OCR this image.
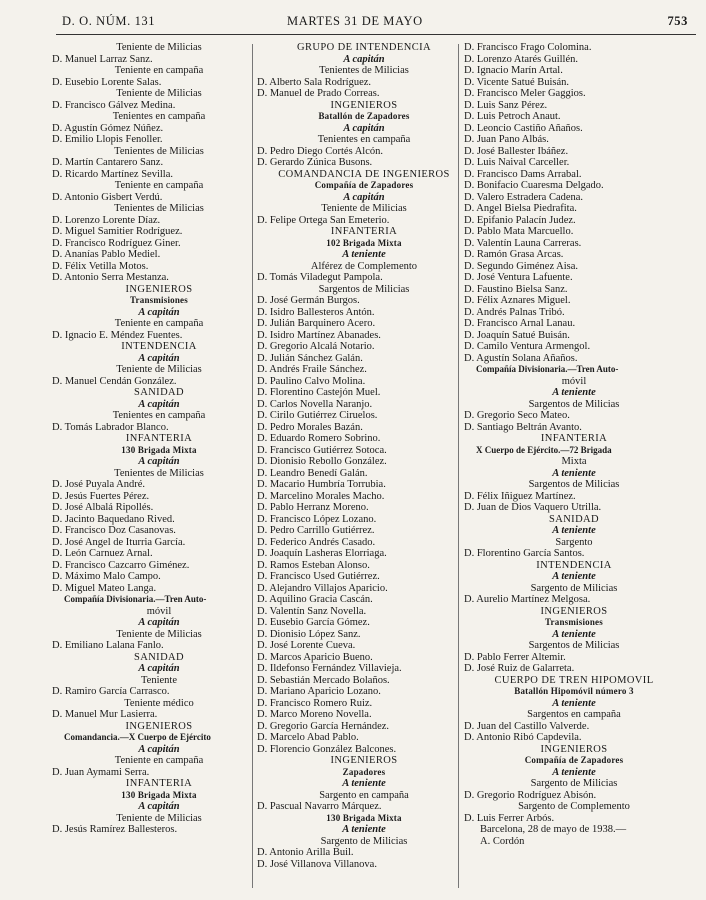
D. O. NÚM. 131	MARTES 31 DE MAYO	753
Teniente de Milicias
D. Manuel Larraz Sanz.
Teniente en campaña
D. Eusebio Lorente Salas.
Teniente de Milicias
D. Francisco Gálvez Medina.
Tenientes en campaña
D. Agustín Gómez Núñez.
D. Emilio Llopis Fenoller.
Tenientes de Milicias
D. Martín Cantarero Sanz.
D. Ricardo Martínez Sevilla.
Teniente en campaña
D. Antonio Gisbert Verdú.
Tenientes de Milicias
D. Lorenzo Lorente Díaz.
D. Miguel Samitier Rodríguez.
D. Francisco Rodríguez Giner.
D. Ananías Pablo Mediel.
D. Félix Vetilla Motos.
D. Antonio Serra Mestanza.
INGENIEROS
Transmisiones
A capitán
Teniente en campaña
D. Ignacio E. Méndez Fuentes.
INTENDENCIA
A capitán
Teniente de Milicias
D. Manuel Cendán González.
SANIDAD
A capitán
Tenientes en campaña
D. Tomás Labrador Blanco.
INFANTERIA
130 Brigada Mixta
A capitán
Tenientes de Milicias
D. José Puyala André.
D. Jesús Fuertes Pérez.
D. José Albalá Ripollés.
D. Jacinto Baquedano Rived.
D. Francisco Doz Casanovas.
D. José Angel de Iturria García.
D. León Carnuez Arnal.
D. Francisco Cazcarro Giménez.
D. Máximo Malo Campo.
D. Miguel Mateo Langa.
Compañía Divisionaria.—Tren Auto-
móvil
A capitán
Teniente de Milicias
D. Emiliano Lalana Fanlo.
SANIDAD
A capitán
Teniente
D. Ramiro García Carrasco.
Teniente médico
D. Manuel Mur Lasierra.
INGENIEROS
Comandancia.—X Cuerpo de Ejército
A capitán
Teniente en campaña
D. Juan Aymami Serra.
INFANTERIA
130 Brigada Mixta
A capitán
Teniente de Milicias
D. Jesús Ramírez Ballesteros.
GRUPO DE INTENDENCIA
A capitán
Tenientes de Milicias
D. Alberto Sala Rodríguez.
D. Manuel de Prado Correas.
INGENIEROS
Batallón de Zapadores
A capitán
Tenientes en campaña
D. Pedro Diego Cortés Alcón.
D. Gerardo Zúnica Busons.
COMANDANCIA DE INGENIEROS
Compañía de Zapadores
A capitán
Teniente de Milicias
D. Felipe Ortega San Emeterio.
INFANTERIA
102 Brigada Mixta
A teniente
Alférez de Complemento
D. Tomás Viladegut Pampola.
Sargentos de Milicias
D. José Germán Burgos.
D. Isidro Ballesteros Antón.
D. Julián Barquinero Acero.
D. Isidro Martínez Abanades.
D. Gregorio Alcalá Notario.
D. Julián Sánchez Galán.
D. Andrés Fraile Sánchez.
D. Paulino Calvo Molina.
D. Florentino Castejón Muel.
D. Carlos Novella Naranjo.
D. Cirilo Gutiérrez Ciruelos.
D. Pedro Morales Bazán.
D. Eduardo Romero Sobrino.
D. Francisco Gutiérrez Sotoca.
D. Dionisio Rebollo González.
D. Leandro Benedí Galán.
D. Macario Humbría Torrubia.
D. Marcelino Morales Macho.
D. Pablo Herranz Moreno.
D. Francisco López Lozano.
D. Pedro Carrillo Gutiérrez.
D. Federico Andrés Casado.
D. Joaquín Lasheras Elorriaga.
D. Ramos Esteban Alonso.
D. Francisco Used Gutiérrez.
D. Alejandro Villajos Aparicio.
D. Aquilino Gracia Cascán.
D. Valentín Sanz Novella.
D. Eusebio García Gómez.
D. Dionisio López Sanz.
D. José Lorente Cueva.
D. Marcos Aparicio Bueno.
D. Ildefonso Fernández Villavieja.
D. Sebastián Mercado Bolaños.
D. Mariano Aparicio Lozano.
D. Francisco Romero Ruiz.
D. Marco Moreno Novella.
D. Gregorio García Hernández.
D. Marcelo Abad Pablo.
D. Florencio González Balcones.
INGENIEROS
Zapadores
A teniente
Sargento en campaña
D. Pascual Navarro Márquez.
130 Brigada Mixta
A teniente
Sargento de Milicias
D. Antonio Arilla Buil.
D. José Villanova Villanova.
D. Francisco Frago Colomina.
D. Lorenzo Atarés Guillén.
D. Ignacio Marín Artal.
D. Vicente Satué Buisán.
D. Francisco Meler Gaggios.
D. Luis Sanz Pérez.
D. Luis Petroch Anaut.
D. Leoncio Castiño Añaños.
D. Juan Pano Albás.
D. José Ballester Ibáñez.
D. Luis Naival Carceller.
D. Francisco Dams Arrabal.
D. Bonifacio Cuaresma Delgado.
D. Valero Estradera Cadena.
D. Angel Bielsa Piedrafita.
D. Epifanio Palacín Judez.
D. Pablo Mata Marcuello.
D. Valentín Launa Carreras.
D. Ramón Grasa Arcas.
D. Segundo Giménez Aisa.
D. José Ventura Lafuente.
D. Faustino Bielsa Sanz.
D. Félix Aznares Miguel.
D. Andrés Palnas Tribó.
D. Francisco Arnal Lanau.
D. Joaquín Satué Buisán.
D. Camilo Ventura Armengol.
D. Agustín Solana Añaños.
Compañía Divisionaria.—Tren Auto-
móvil
A teniente
Sargentos de Milicias
D. Gregorio Seco Mateo.
D. Santiago Beltrán Avanto.
INFANTERIA
X Cuerpo de Ejército.—72 Brigada
Mixta
A teniente
Sargentos de Milicias
D. Félix Iñiguez Martínez.
D. Juan de Dios Vaquero Utrilla.
SANIDAD
A teniente
Sargento
D. Florentino García Santos.
INTENDENCIA
A teniente
Sargento de Milicias
D. Aurelio Martínez Melgosa.
INGENIEROS
Transmisiones
A teniente
Sargentos de Milicias
D. Pablo Ferrer Altemir.
D. José Ruiz de Galarreta.
CUERPO DE TREN HIPOMOVIL
Batallón Hipomóvil número 3
A teniente
Sargentos en campaña
D. Juan del Castillo Valverde.
D. Antonio Ribó Capdevila.
INGENIEROS
Compañía de Zapadores
A teniente
Sargento de Milicias
D. Gregorio Rodríguez Abisón.
Sargento de Complemento
D. Luis Ferrer Arbós.
Barcelona, 28 de mayo de 1938.—
A. Cordón
